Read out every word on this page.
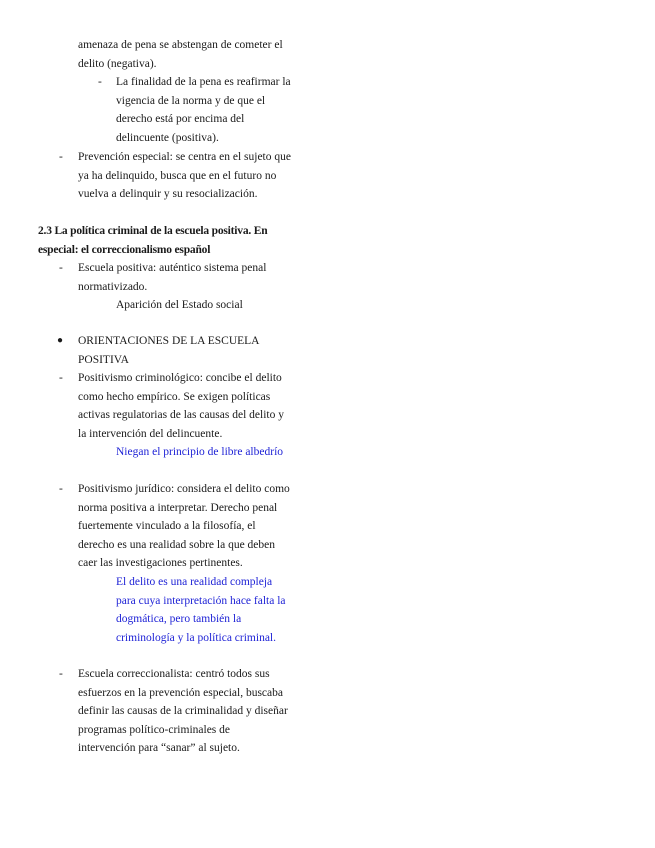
amenaza de pena se abstengan de cometer el

delito (negativa).

- La finalidad de la pena es reafirmar la

vigencia de la norma y de que el

derecho está por encima del

delincuente (positiva).

- Prevención especial: se centra en el sujeto que

ya ha delinquido, busca que en el futuro no

vuelva a delinquir y su resocialización.

2.3 La política criminal de la escuela positiva. En

especial: el correccionalismo español

- Escuela positiva: auténtico sistema penal

normativizado.

Aparición del Estado social

● ORIENTACIONES DE LA ESCUELA

POSITIVA

- Positivismo criminológico: concibe el delito

como hecho empírico. Se exigen políticas

activas regulatorias de las causas del delito y

la intervención del delincuente.

Niegan el principio de libre albedrío

- Positivismo jurídico: considera el delito como

norma positiva a interpretar. Derecho penal

fuertemente vinculado a la filosofía, el

derecho es una realidad sobre la que deben

caer las investigaciones pertinentes.

El delito es una realidad compleja

para cuya interpretación hace falta la

dogmática, pero también la

criminología y la política criminal.

- Escuela correccionalista: centró todos sus

esfuerzos en la prevención especial, buscaba

definir las causas de la criminalidad y diseñar

programas político-criminales de

intervención para “sanar” al sujeto.
